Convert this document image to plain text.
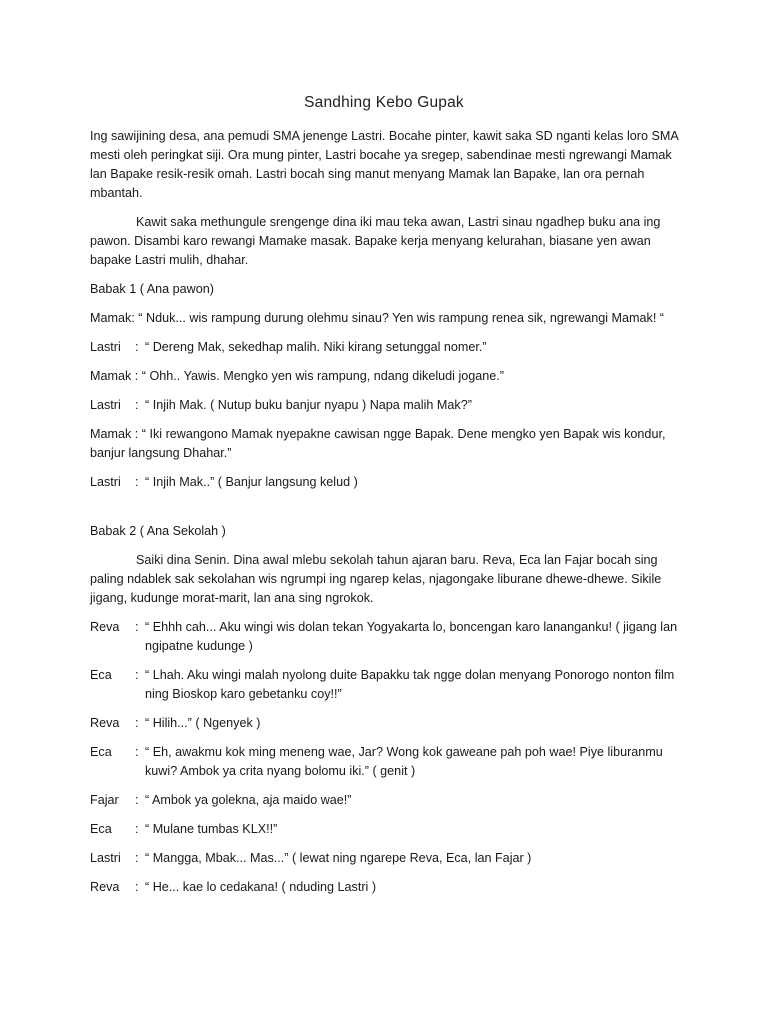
Sandhing Kebo Gupak

Ing sawijining desa, ana pemudi SMA jenenge Lastri. Bocahe pinter, kawit saka SD nganti kelas loro SMA mesti oleh peringkat siji. Ora mung pinter, Lastri bocahe ya sregep, sabendinae mesti ngrewangi Mamak lan Bapake resik-resik omah. Lastri bocah sing manut menyang Mamak lan Bapake, lan ora pernah mbantah.

Kawit saka methungule srengenge dina iki mau teka awan, Lastri sinau ngadhep buku ana ing pawon. Disambi karo rewangi Mamake masak. Bapake kerja menyang kelurahan, biasane yen awan bapake Lastri mulih, dhahar.

Babak 1 ( Ana pawon)

Mamak: “ Nduk... wis rampung durung olehmu sinau? Yen wis rampung renea sik, ngrewangi Mamak! “
Lastri	: “ Dereng Mak, sekedhap malih. Niki kirang setunggal nomer.”
Mamak : “ Ohh.. Yawis. Mengko yen wis rampung, ndang dikeludi jogane.”
Lastri	: “ Injih Mak. ( Nutup buku banjur nyapu ) Napa malih Mak?”
Mamak : “ Iki rewangono Mamak nyepakne cawisan ngge Bapak. Dene mengko yen Bapak wis kondur, banjur langsung Dhahar.”
Lastri	: “ Injih Mak..” ( Banjur langsung kelud )

Babak 2 ( Ana Sekolah )

Saiki dina Senin. Dina awal mlebu sekolah tahun ajaran baru. Reva, Eca lan Fajar bocah sing paling ndablek sak sekolahan wis ngrumpi ing ngarep kelas, njagongake liburane dhewe-dhewe. Sikile jigang, kudunge morat-marit, lan ana sing ngrokok.

Reva	: “ Ehhh cah... Aku wingi wis dolan tekan Yogyakarta lo, boncengan karo lananganku! ( jigang lan ngipatne kudunge )
Eca	: “ Lhah. Aku wingi malah nyolong duite Bapakku tak ngge dolan menyang Ponorogo nonton film ning Bioskop karo gebetanku coy!!”
Reva	: “ Hilih...” ( Ngenyek )
Eca	: “ Eh, awakmu kok ming meneng wae, Jar? Wong kok gaweane pah poh wae! Piye liburanmu kuwi? Ambok ya crita nyang bolomu iki.” ( genit )
Fajar	: “ Ambok ya golekna, aja maido wae!”
Eca	: “ Mulane tumbas KLX!!”
Lastri	: “ Mangga, Mbak... Mas...” ( lewat ning ngarepe Reva, Eca, lan Fajar )
Reva	: “ He... kae lo cedakana! ( nduding Lastri )
